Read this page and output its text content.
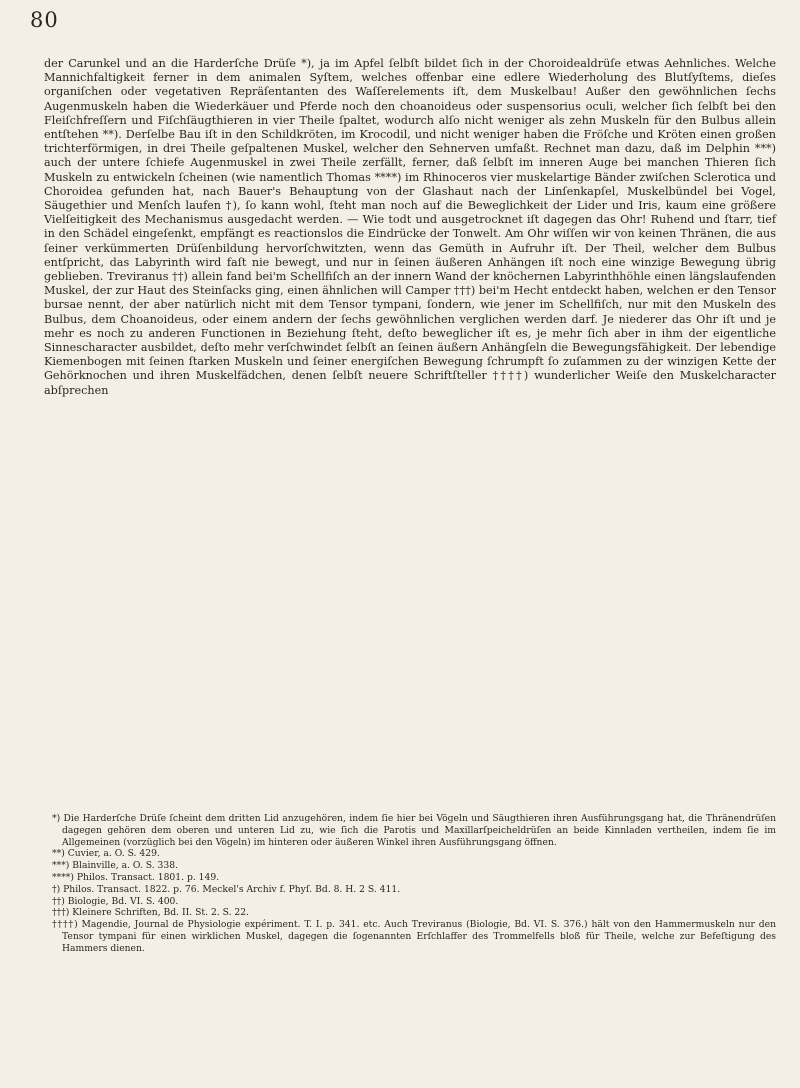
80

der Carunkel und an die Harderſche Drüſe *), ja im Apfel ſelbſt bildet ſich in der Choroidealdrüſe etwas Aehnliches. Welche Mannichfaltigkeit ferner in dem animalen Syſtem, welches offenbar eine edlere Wiederholung des Blutſyſtems, dieſes organiſchen oder vegetativen Repräſentanten des Waſſerelements iſt, dem Muskelbau! Außer den gewöhnlichen ſechs Augenmuskeln haben die Wiederkäuer und Pferde noch den choanoideus oder suspensorius oculi, welcher ſich ſelbſt bei den Fleiſchfreſſern und Fiſchſäugthieren in vier Theile ſpaltet, wodurch alſo nicht weniger als zehn Muskeln für den Bulbus allein entſtehen **). Derſelbe Bau iſt in den Schildkröten, im Krocodil, und nicht weniger haben die Fröſche und Kröten einen großen trichterförmigen, in drei Theile geſpaltenen Muskel, welcher den Sehnerven umfaßt. Rechnet man dazu, daß im Delphin ***) auch der untere ſchiefe Augenmuskel in zwei Theile zerfällt, ferner, daß ſelbſt im inneren Auge bei manchen Thieren ſich Muskeln zu entwickeln ſcheinen (wie namentlich Thomas ****) im Rhinoceros vier muskelartige Bänder zwiſchen Sclerotica und Choroidea gefunden hat, nach Bauer's Behauptung von der Glashaut nach der Linſenkapſel, Muskelbündel bei Vogel, Säugethier und Menſch laufen †), ſo kann wohl, ſteht man noch auf die Beweglichkeit der Lider und Iris, kaum eine größere Vielſeitigkeit des Mechanismus ausgedacht werden. — Wie todt und ausgetrocknet iſt dagegen das Ohr! Ruhend und ſtarr, tief in den Schädel eingeſenkt, empfängt es reactionslos die Eindrücke der Tonwelt. Am Ohr wiſſen wir von keinen Thränen, die aus ſeiner verkümmerten Drüſenbildung hervorſchwitzten, wenn das Gemüth in Aufruhr iſt. Der Theil, welcher dem Bulbus entſpricht, das Labyrinth wird faſt nie bewegt, und nur in ſeinen äußeren Anhängen iſt noch eine winzige Bewegung übrig geblieben. Treviranus ††) allein fand bei'm Schellfiſch an der innern Wand der knöchernen Labyrinthhöhle einen längslaufenden Muskel, der zur Haut des Steinſacks ging, einen ähnlichen will Camper †††) bei'm Hecht entdeckt haben, welchen er den Tensor bursae nennt, der aber natürlich nicht mit dem Tensor tympani, ſondern, wie jener im Schellfiſch, nur mit den Muskeln des Bulbus, dem Choanoideus, oder einem andern der ſechs gewöhnlichen verglichen werden darf. Je niederer das Ohr iſt und je mehr es noch zu anderen Functionen in Beziehung ſteht, deſto beweglicher iſt es, je mehr ſich aber in ihm der eigentliche Sinnescharacter ausbildet, deſto mehr verſchwindet ſelbſt an ſeinen äußern Anhängſeln die Bewegungsfähigkeit. Der lebendige Kiemenbogen mit ſeinen ſtarken Muskeln und ſeiner energiſchen Bewegung ſchrumpft ſo zuſammen zu der winzigen Kette der Gehörknochen und ihren Muskelfädchen, denen ſelbſt neuere Schriftſteller ††††) wunderlicher Weiſe den Muskelcharacter abſprechen

*) Die Harderſche Drüſe ſcheint dem dritten Lid anzugehören, indem ſie hier bei Vögeln und Säugthieren ihren Ausführungsgang hat, die Thränendrüſen dagegen gehören dem oberen und unteren Lid zu, wie ſich die Parotis und Maxillarſpeicheldrüſen an beide Kinnladen vertheilen, indem ſie im Allgemeinen (vorzüglich bei den Vögeln) im hinteren oder äußeren Winkel ihren Ausführungsgang öffnen.

**) Cuvier, a. O. S. 429.

***) Blainville, a. O. S. 338.

****) Philos. Transact. 1801. p. 149.

†) Philos. Transact. 1822. p. 76. Meckel's Archiv f. Phyſ. Bd. 8. H. 2 S. 411.

††) Biologie, Bd. VI. S. 400.

†††) Kleinere Schriften, Bd. II. St. 2. S. 22.

††††) Magendie, Journal de Physiologie expériment. T. I. p. 341. etc. Auch Treviranus (Biologie, Bd. VI. S. 376.) hält von den Hammermuskeln nur den Tensor tympani für einen wirklichen Muskel, dagegen die ſogenannten Erſchlaffer des Trommelfells bloß für Theile, welche zur Befeſtigung des Hammers dienen.
